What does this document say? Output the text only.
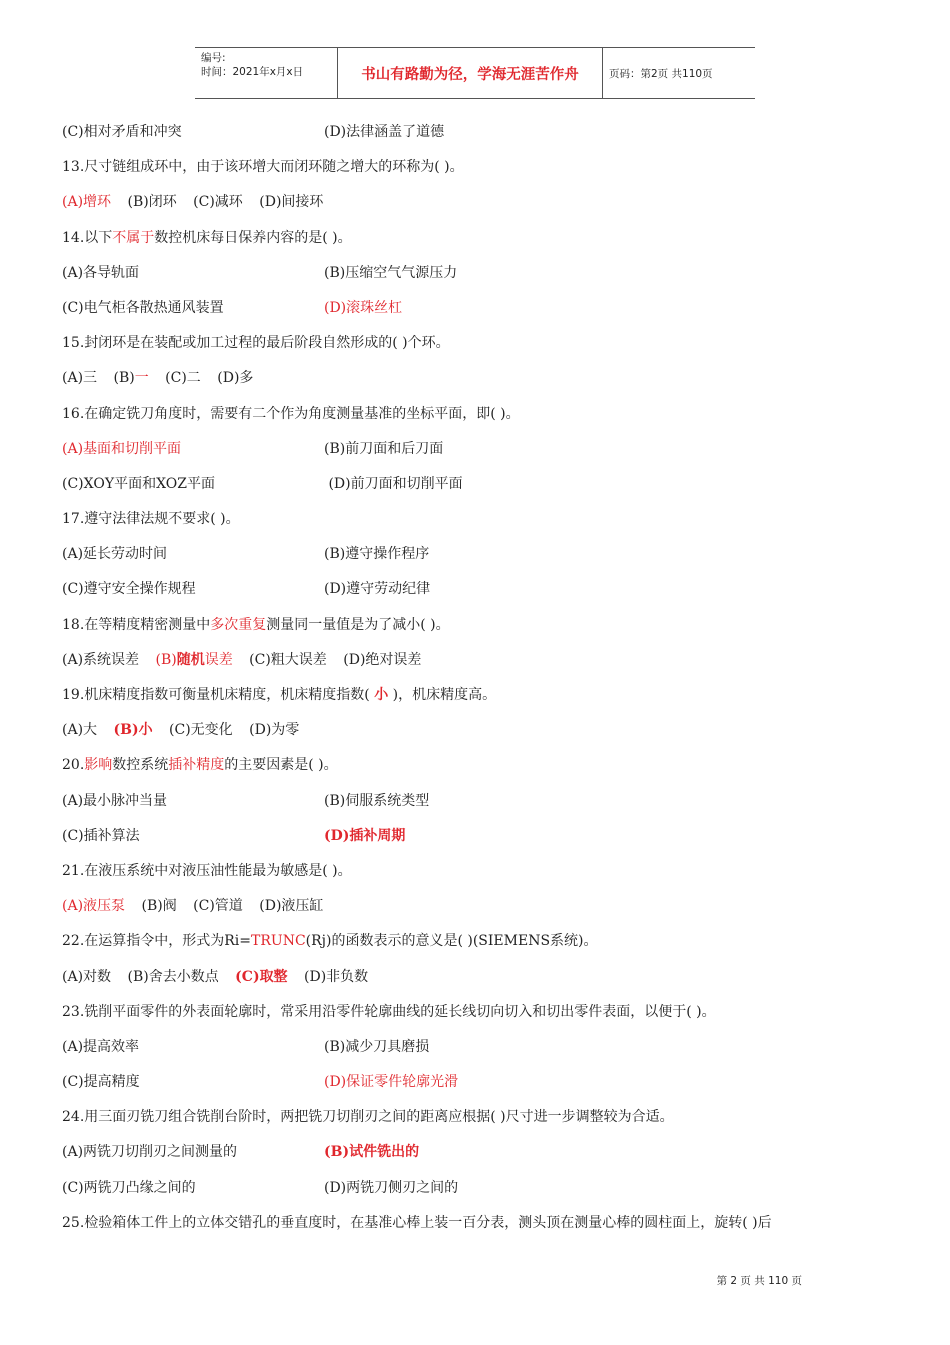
编号:
时间：2021年x月x日	书山有路勤为径，学海无涯苦作舟	页码：第2页 共110页
(C)相对矛盾和冲突	(D)法律涵盖了道德
13.尺寸链组成环中，由于该环增大而闭环随之增大的环称为( )。
(A)增环 (B)闭环 (C)减环 (D)间接环
14.以下不属于数控机床每日保养内容的是( )。
(A)各导轨面	(B)压缩空气气源压力
(C)电气柜各散热通风装置	(D)滚珠丝杠
15.封闭环是在装配或加工过程的最后阶段自然形成的( )个环。
(A)三 (B)一 (C)二 (D)多
16.在确定铣刀角度时，需要有二个作为角度测量基准的坐标平面，即( )。
(A)基面和切削平面	(B)前刀面和后刀面
(C)XOY平面和XOZ平面	(D)前刀面和切削平面
17.遵守法律法规不要求( )。
(A)延长劳动时间	(B)遵守操作程序
(C)遵守安全操作规程	(D)遵守劳动纪律
18.在等精度精密测量中多次重复测量同一量值是为了减小( )。
(A)系统误差 (B)随机误差 (C)粗大误差 (D)绝对误差
19.机床精度指数可衡量机床精度，机床精度指数( 小 )，机床精度高。
(A)大 (B)小 (C)无变化 (D)为零
20.影响数控系统插补精度的主要因素是( )。
(A)最小脉冲当量	(B)伺服系统类型
(C)插补算法	(D)插补周期
21.在液压系统中对液压油性能最为敏感是( )。
(A)液压泵 (B)阀 (C)管道 (D)液压缸
22.在运算指令中，形式为Ri=TRUNC(Rj)的函数表示的意义是( )(SIEMENS系统)。
(A)对数 (B)舍去小数点 (C)取整 (D)非负数
23.铣削平面零件的外表面轮廓时，常采用沿零件轮廓曲线的延长线切向切入和切出零件表面，以便于( )。
(A)提高效率	(B)减少刀具磨损
(C)提高精度	(D)保证零件轮廓光滑
24.用三面刃铣刀组合铣削台阶时，两把铣刀切削刃之间的距离应根据( )尺寸进一步调整较为合适。
(A)两铣刀切削刃之间测量的	(B)试件铣出的
(C)两铣刀凸缘之间的	(D)两铣刀侧刃之间的
25.检验箱体工件上的立体交错孔的垂直度时，在基准心棒上装一百分表，测头顶在测量心棒的圆柱面上，旋转( )后
第 2 页 共 110 页
